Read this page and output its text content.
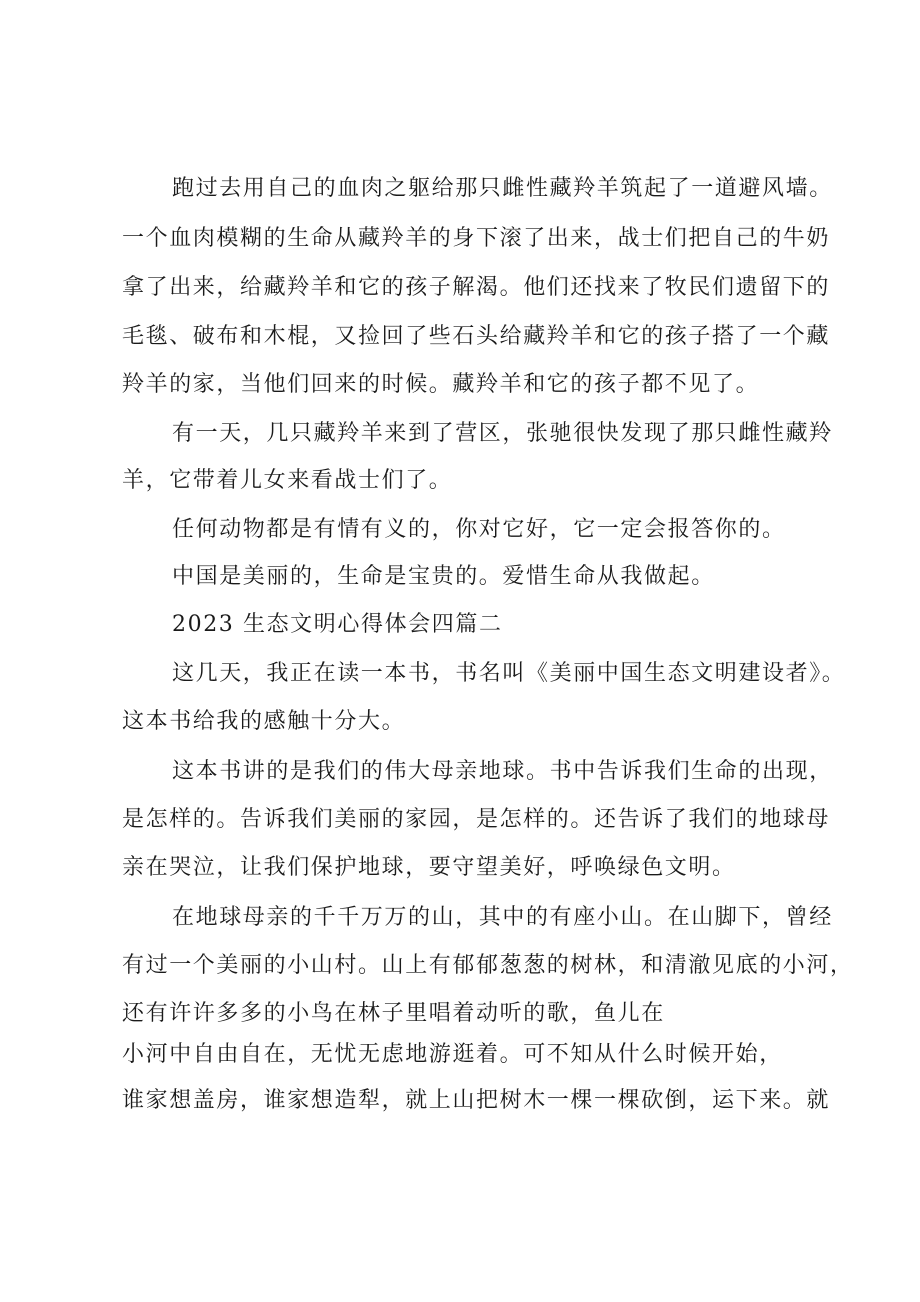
跑过去用自己的血肉之躯给那只雌性藏羚羊筑起了一道避风墙。
一个血肉模糊的生命从藏羚羊的身下滚了出来，战士们把自己的牛奶
拿了出来，给藏羚羊和它的孩子解渴。他们还找来了牧民们遗留下的
毛毯、破布和木棍，又捡回了些石头给藏羚羊和它的孩子搭了一个藏
羚羊的家，当他们回来的时候。藏羚羊和它的孩子都不见了。
有一天，几只藏羚羊来到了营区，张驰很快发现了那只雌性藏羚
羊，它带着儿女来看战士们了。
任何动物都是有情有义的，你对它好，它一定会报答你的。
中国是美丽的，生命是宝贵的。爱惜生命从我做起。
2023 生态文明心得体会四篇二
这几天，我正在读一本书，书名叫《美丽中国生态文明建设者》。
这本书给我的感触十分大。
这本书讲的是我们的伟大母亲地球。书中告诉我们生命的出现，
是怎样的。告诉我们美丽的家园，是怎样的。还告诉了我们的地球母
亲在哭泣，让我们保护地球，要守望美好，呼唤绿色文明。
在地球母亲的千千万万的山，其中的有座小山。在山脚下，曾经
有过一个美丽的小山村。山上有郁郁葱葱的树林，和清澈见底的小河，
还有许许多多的小鸟在林子里唱着动听的歌，鱼儿在
小河中自由自在，无忧无虑地游逛着。可不知从什么时候开始，
谁家想盖房，谁家想造犁，就上山把树木一棵一棵砍倒，运下来。就
